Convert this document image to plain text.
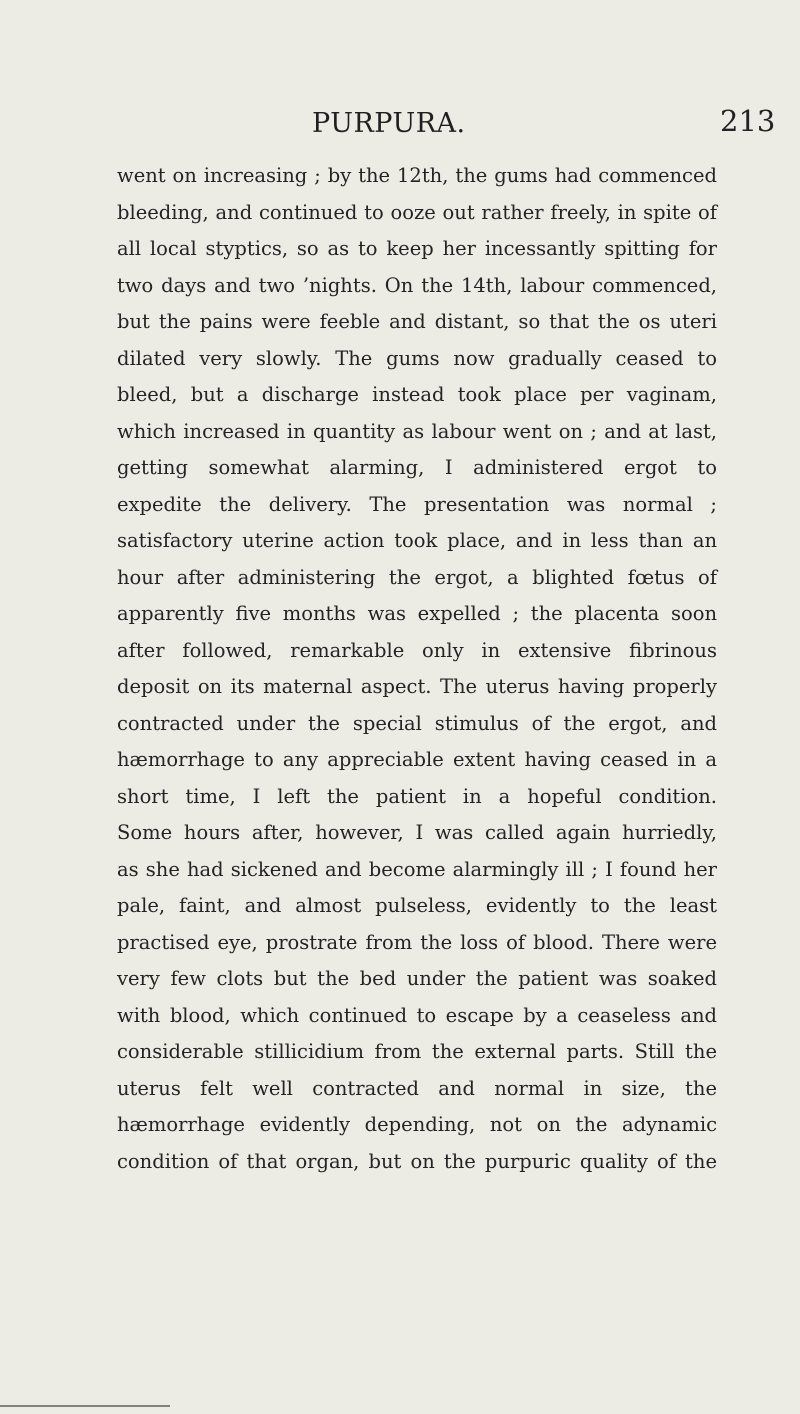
PURPURA.	213
went on increasing ; by the 12th, the gums had commenced
bleeding, and continued to ooze out rather freely, in spite of
all local styptics, so as to keep her incessantly spitting for
two days and two ’nights. On the 14th, labour commenced,
but the pains were feeble and distant, so that the os uteri
dilated very slowly. The gums now gradually ceased to
bleed, but a discharge instead took place per vaginam,
which increased in quantity as labour went on ; and at last,
getting somewhat alarming, I administered ergot to
expedite the delivery. The presentation was normal ;
satisfactory uterine action took place, and in less than an
hour after administering the ergot, a blighted fœtus of
apparently five months was expelled ; the placenta soon
after followed, remarkable only in extensive fibrinous
deposit on its maternal aspect. The uterus having properly
contracted under the special stimulus of the ergot, and
hæmorrhage to any appreciable extent having ceased in a
short time, I left the patient in a hopeful condition.
Some hours after, however, I was called again hurriedly,
as she had sickened and become alarmingly ill ; I found her
pale, faint, and almost pulseless, evidently to the least
practised eye, prostrate from the loss of blood. There were
very few clots but the bed under the patient was soaked
with blood, which continued to escape by a ceaseless and
considerable stillicidium from the external parts. Still the
uterus felt well contracted and normal in size, the
hæmorrhage evidently depending, not on the adynamic
condition of that organ, but on the purpuric quality of the
